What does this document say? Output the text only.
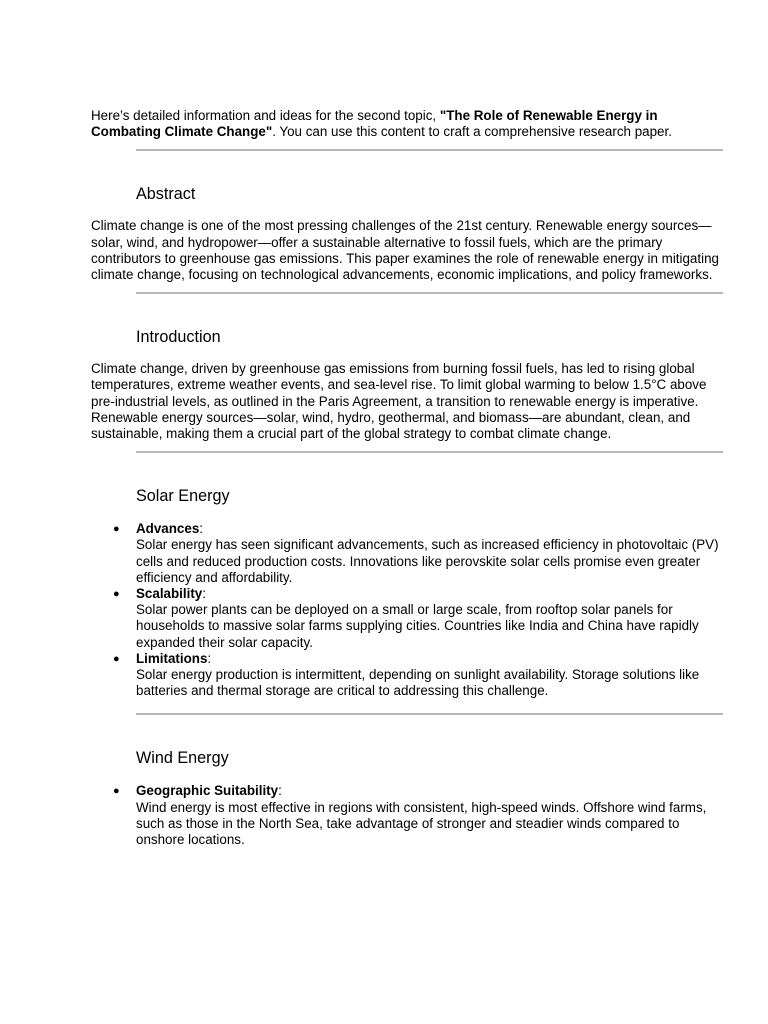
Here’s detailed information and ideas for the second topic, "The Role of Renewable Energy in Combating Climate Change". You can use this content to craft a comprehensive research paper.

Abstract

Climate change is one of the most pressing challenges of the 21st century. Renewable energy sources—solar, wind, and hydropower—offer a sustainable alternative to fossil fuels, which are the primary contributors to greenhouse gas emissions. This paper examines the role of renewable energy in mitigating climate change, focusing on technological advancements, economic implications, and policy frameworks.

Introduction

Climate change, driven by greenhouse gas emissions from burning fossil fuels, has led to rising global temperatures, extreme weather events, and sea-level rise. To limit global warming to below 1.5°C above pre-industrial levels, as outlined in the Paris Agreement, a transition to renewable energy is imperative. Renewable energy sources—solar, wind, hydro, geothermal, and biomass—are abundant, clean, and sustainable, making them a crucial part of the global strategy to combat climate change.

Solar Energy
● Advances:
Solar energy has seen significant advancements, such as increased efficiency in photovoltaic (PV) cells and reduced production costs. Innovations like perovskite solar cells promise even greater efficiency and affordability.
● Scalability:
Solar power plants can be deployed on a small or large scale, from rooftop solar panels for households to massive solar farms supplying cities. Countries like India and China have rapidly expanded their solar capacity.
● Limitations:
Solar energy production is intermittent, depending on sunlight availability. Storage solutions like batteries and thermal storage are critical to addressing this challenge.
Wind Energy
● Geographic Suitability:
Wind energy is most effective in regions with consistent, high-speed winds. Offshore wind farms, such as those in the North Sea, take advantage of stronger and steadier winds compared to onshore locations.
